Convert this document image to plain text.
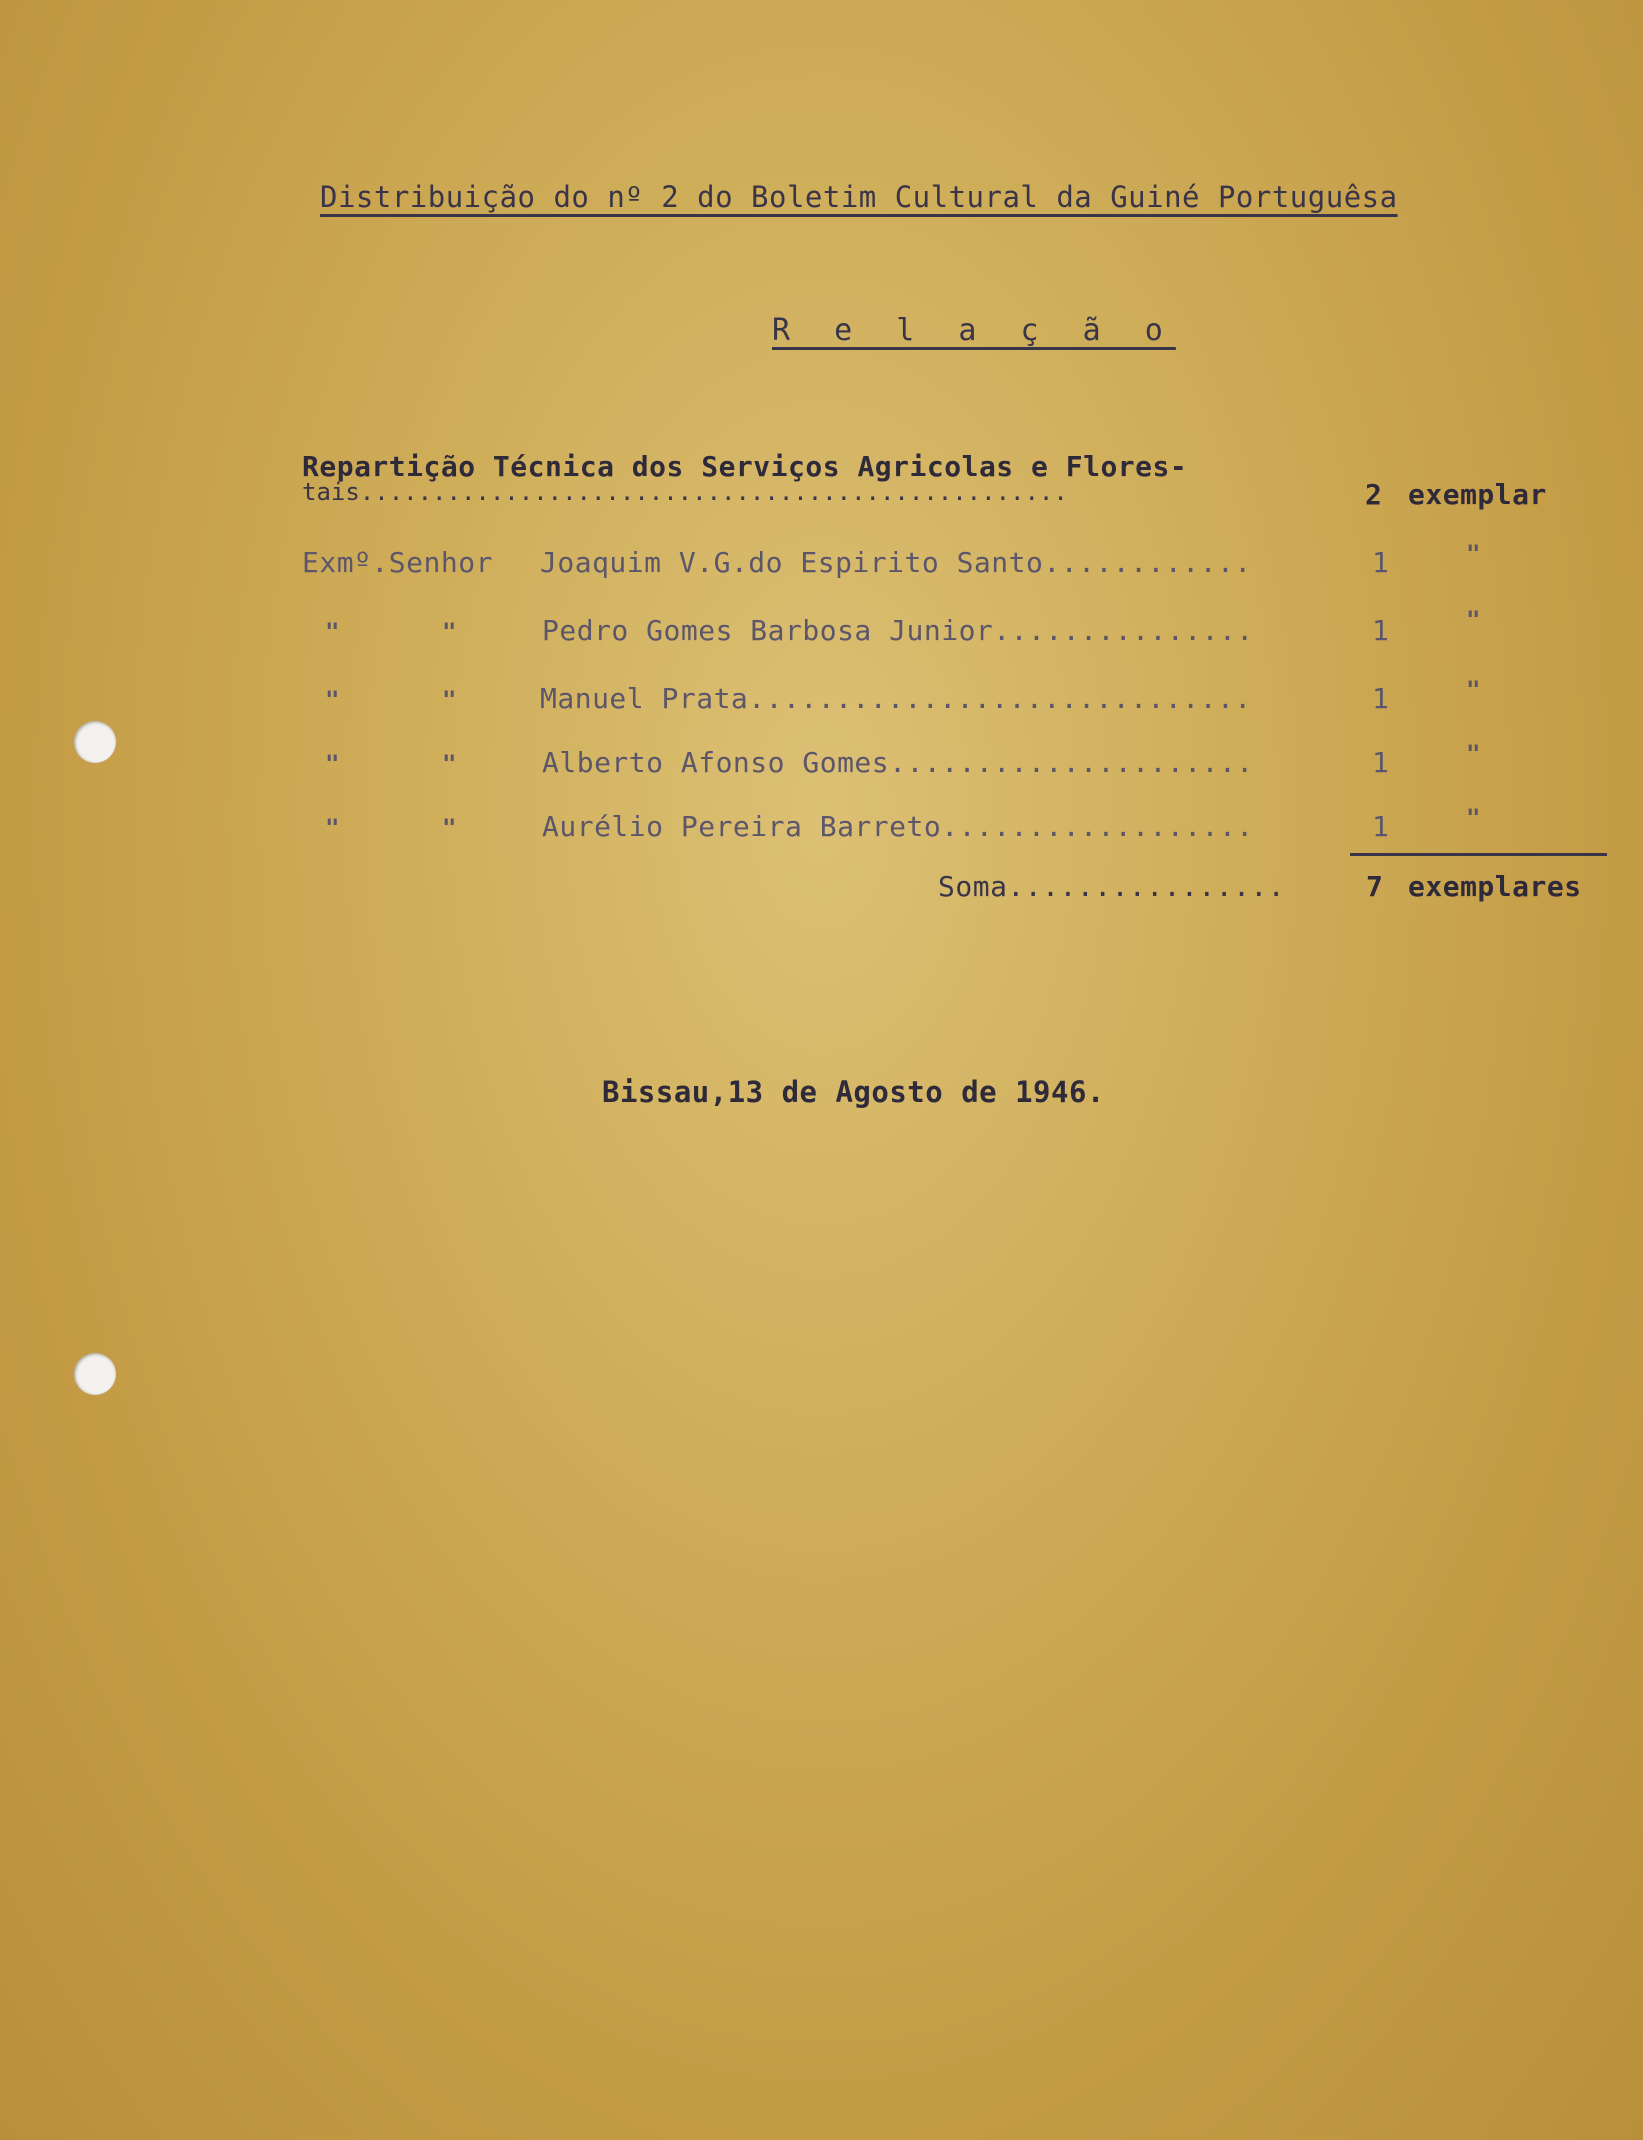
Distribuição do nº 2 do Boletim Cultural da Guiné Portuguêsa
R e l a ç ã o
Repartição Técnica dos Serviços Agricolas e Flores-
tais.................................................	2 exemplar
Exmº.Senhor Joaquim V.G.do Espirito Santo............	1	"
"	"	Pedro Gomes Barbosa Junior...............	1	"
"	"	Manuel Prata.............................	1	"
"	"	Alberto Afonso Gomes.....................	1	"
"	"	Aurélio Pereira Barreto..................	1	"
Soma................	7 exemplares
Bissau,13 de Agosto de 1946.
